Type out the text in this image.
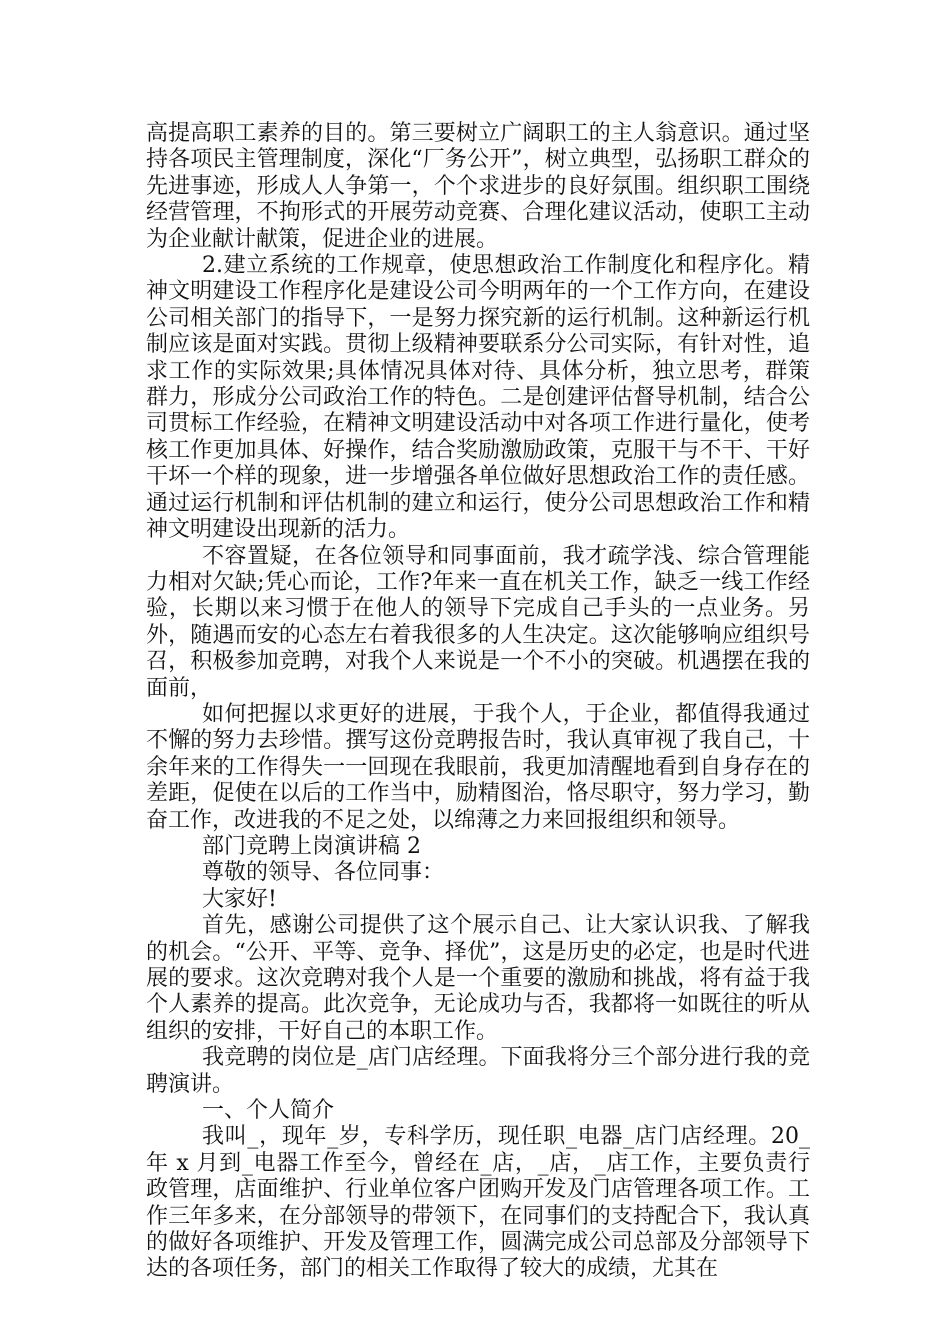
高提高职工素养的目的。第三要树立广阔职工的主人翁意识。通过坚持各项民主管理制度，深化“厂务公开”，树立典型，弘扬职工群众的先进事迹，形成人人争第一，个个求进步的良好氛围。组织职工围绕经营管理，不拘形式的开展劳动竞赛、合理化建议活动，使职工主动为企业献计献策，促进企业的进展。

2.建立系统的工作规章，使思想政治工作制度化和程序化。精神文明建设工作程序化是建设公司今明两年的一个工作方向，在建设公司相关部门的指导下，一是努力探究新的运行机制。这种新运行机制应该是面对实践。贯彻上级精神要联系分公司实际，有针对性，追求工作的实际效果;具体情况具体对待、具体分析，独立思考，群策群力，形成分公司政治工作的特色。二是创建评估督导机制，结合公司贯标工作经验，在精神文明建设活动中对各项工作进行量化，使考核工作更加具体、好操作，结合奖励激励政策，克服干与不干、干好干坏一个样的现象，进一步增强各单位做好思想政治工作的责任感。通过运行机制和评估机制的建立和运行，使分公司思想政治工作和精神文明建设出现新的活力。

不容置疑，在各位领导和同事面前，我才疏学浅、综合管理能力相对欠缺;凭心而论，工作?年来一直在机关工作，缺乏一线工作经验，长期以来习惯于在他人的领导下完成自己手头的一点业务。另外，随遇而安的心态左右着我很多的人生决定。这次能够响应组织号召，积极参加竞聘，对我个人来说是一个不小的突破。机遇摆在我的面前，

如何把握以求更好的进展，于我个人，于企业，都值得我通过不懈的努力去珍惜。撰写这份竞聘报告时，我认真审视了我自己，十余年来的工作得失一一回现在我眼前，我更加清醒地看到自身存在的差距，促使在以后的工作当中，励精图治，恪尽职守，努力学习，勤奋工作，改进我的不足之处，以绵薄之力来回报组织和领导。

部门竞聘上岗演讲稿 2

尊敬的领导、各位同事：

大家好!

首先，感谢公司提供了这个展示自己、让大家认识我、了解我的机会。“公开、平等、竞争、择优”，这是历史的必定，也是时代进展的要求。这次竞聘对我个人是一个重要的激励和挑战，将有益于我个人素养的提高。此次竞争，无论成功与否，我都将一如既往的听从组织的安排，干好自己的本职工作。

我竞聘的岗位是_店门店经理。下面我将分三个部分进行我的竞聘演讲。

一、个人简介

我叫_，现年_岁，专科学历，现任职_电器_店门店经理。20_年 x 月到_电器工作至今，曾经在_店，_店，_店工作，主要负责行政管理，店面维护、行业单位客户团购开发及门店管理各项工作。工作三年多来，在分部领导的带领下，在同事们的支持配合下，我认真的做好各项维护、开发及管理工作，圆满完成公司总部及分部领导下达的各项任务，部门的相关工作取得了较大的成绩，尤其在
